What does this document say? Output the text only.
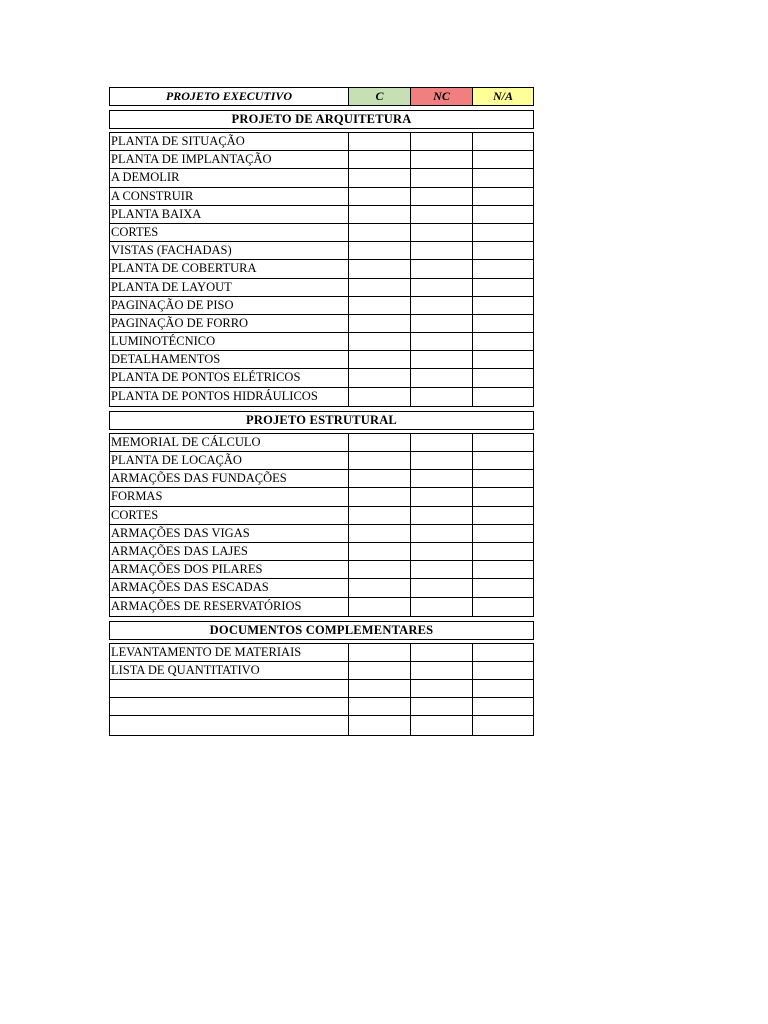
PROJETO EXECUTIVO	C	NC	N/A
PROJETO DE ARQUITETURA
PLANTA DE SITUAÇÃO
PLANTA DE IMPLANTAÇÃO
A DEMOLIR
A CONSTRUIR
PLANTA BAIXA
CORTES
VISTAS (FACHADAS)
PLANTA DE COBERTURA
PLANTA DE LAYOUT
PAGINAÇÃO DE PISO
PAGINAÇÃO DE FORRO
LUMINOTÉCNICO
DETALHAMENTOS
PLANTA DE PONTOS ELÉTRICOS
PLANTA DE PONTOS HIDRÁULICOS
PROJETO ESTRUTURAL
MEMORIAL DE CÁLCULO
PLANTA DE LOCAÇÃO
ARMAÇÕES DAS FUNDAÇÕES
FORMAS
CORTES
ARMAÇÕES DAS VIGAS
ARMAÇÕES DAS LAJES
ARMAÇÕES DOS PILARES
ARMAÇÕES DAS ESCADAS
ARMAÇÕES DE RESERVATÓRIOS
DOCUMENTOS COMPLEMENTARES
LEVANTAMENTO DE MATERIAIS
LISTA DE QUANTITATIVO
